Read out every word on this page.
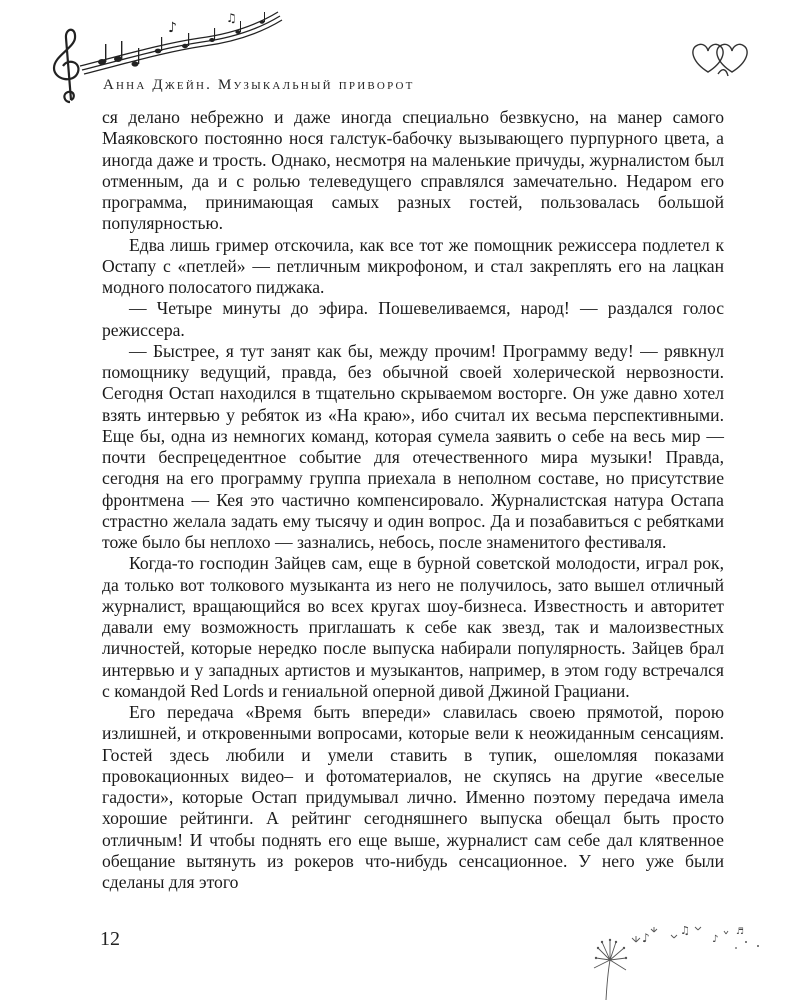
♪
♫
Анна Джейн. Музыкальный приворот

ся делано небрежно и даже иногда специально безвкусно, на манер самого Маяковского постоянно нося галстук-бабочку вызывающего пурпурного цвета, а иногда даже и трость. Однако, несмотря на маленькие причуды, журналистом был отменным, да и с ролью телеведущего справлялся замечательно. Недаром его программа, принимающая самых разных гостей, пользовалась большой популярностью.

Едва лишь гример отскочила, как все тот же помощник режиссера подлетел к Остапу с «петлей» — петличным микрофоном, и стал закреплять его на лацкан модного полосатого пиджака.

— Четыре минуты до эфира. Пошевеливаемся, народ! — раздался голос режиссера.

— Быстрее, я тут занят как бы, между прочим! Программу веду! — рявкнул помощнику ведущий, правда, без обычной своей холерической нервозности. Сегодня Остап находился в тщательно скрываемом восторге. Он уже давно хотел взять интервью у ребяток из «На краю», ибо считал их весьма перспективными. Еще бы, одна из немногих команд, которая сумела заявить о себе на весь мир — почти беспрецедентное событие для отечественного мира музыки! Правда, сегодня на его программу группа приехала в неполном составе, но присутствие фронтмена — Кея это частично компенсировало. Журналистская натура Остапа страстно желала задать ему тысячу и один вопрос. Да и позабавиться с ребятками тоже было бы неплохо — зазнались, небось, после знаменитого фестиваля.

Когда-то господин Зайцев сам, еще в бурной советской молодости, играл рок, да только вот толкового музыканта из него не получилось, зато вышел отличный журналист, вращающийся во всех кругах шоу-бизнеса. Известность и авторитет давали ему возможность приглашать к себе как звезд, так и малоизвестных личностей, которые нередко после выпуска набирали популярность. Зайцев брал интервью и у западных артистов и музыкантов, например, в этом году встречался с командой Red Lords и гениальной оперной дивой Джиной Грациани.

Его передача «Время быть впереди» славилась своею прямотой, порою излишней, и откровенными вопросами, которые вели к неожиданным сенсациям. Гостей здесь любили и умели ставить в тупик, ошеломляя показами провокационных видео– и фотоматериалов, не скупясь на другие «веселые гадости», которые Остап придумывал лично. Именно поэтому передача имела хорошие рейтинги. А рейтинг сегодняшнего выпуска обещал быть просто отличным! И чтобы поднять его еще выше, журналист сам себе дал клятвенное обещание вытянуть из рокеров что-нибудь сенсационное. У него уже были сделаны для этого

12	♪
♫
♪
♬
